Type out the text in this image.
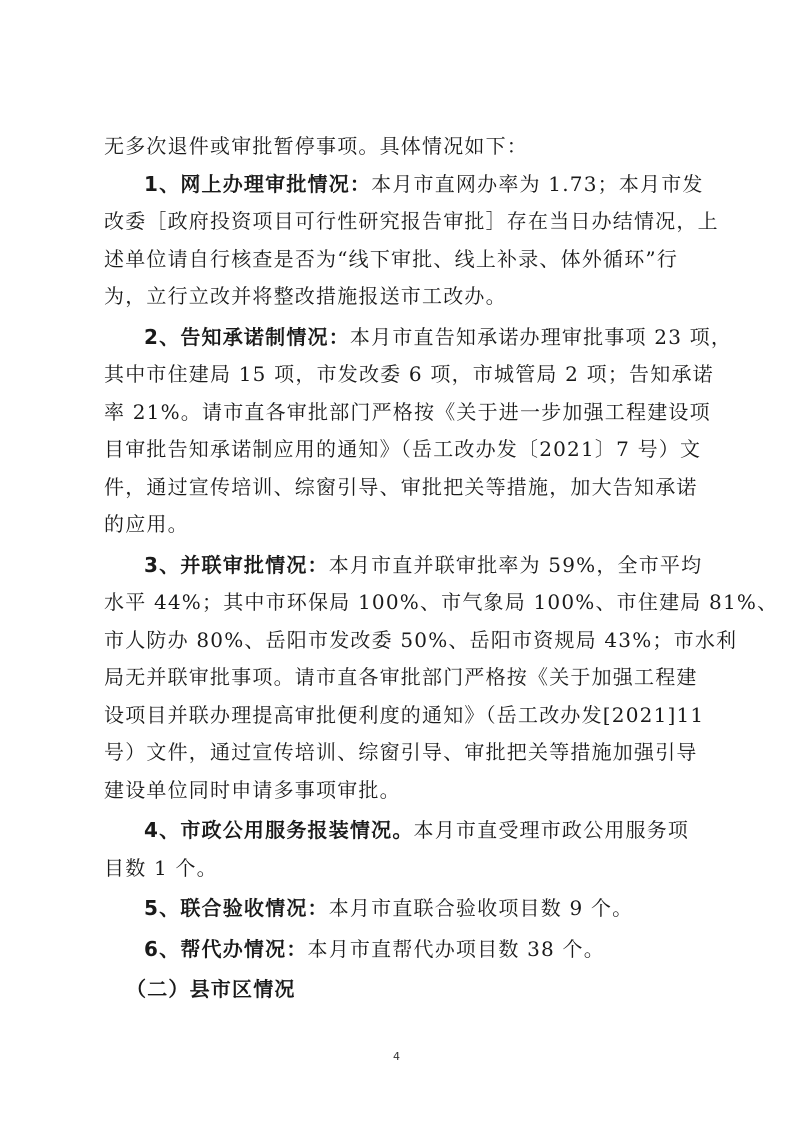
无多次退件或审批暂停事项。具体情况如下：
1、网上办理审批情况：本月市直网办率为 1.73；本月市发
改委［政府投资项目可行性研究报告审批］存在当日办结情况，上
述单位请自行核查是否为“线下审批、线上补录、体外循环”行
为，立行立改并将整改措施报送市工改办。
2、告知承诺制情况：本月市直告知承诺办理审批事项 23 项，
其中市住建局 15 项，市发改委 6 项，市城管局 2 项；告知承诺
率 21%。请市直各审批部门严格按《关于进一步加强工程建设项
目审批告知承诺制应用的通知》（岳工改办发〔2021〕7 号）文
件，通过宣传培训、综窗引导、审批把关等措施，加大告知承诺
的应用。
3、并联审批情况：本月市直并联审批率为 59%，全市平均
水平 44%；其中市环保局 100%、市气象局 100%、市住建局 81%、
市人防办 80%、岳阳市发改委 50%、岳阳市资规局 43%；市水利
局无并联审批事项。请市直各审批部门严格按《关于加强工程建
设项目并联办理提高审批便利度的通知》（岳工改办发[2021]11
号）文件，通过宣传培训、综窗引导、审批把关等措施加强引导
建设单位同时申请多事项审批。
4、市政公用服务报装情况。本月市直受理市政公用服务项
目数 1 个。
5、联合验收情况：本月市直联合验收项目数 9 个。
6、帮代办情况：本月市直帮代办项目数 38 个。
（二）县市区情况
4
